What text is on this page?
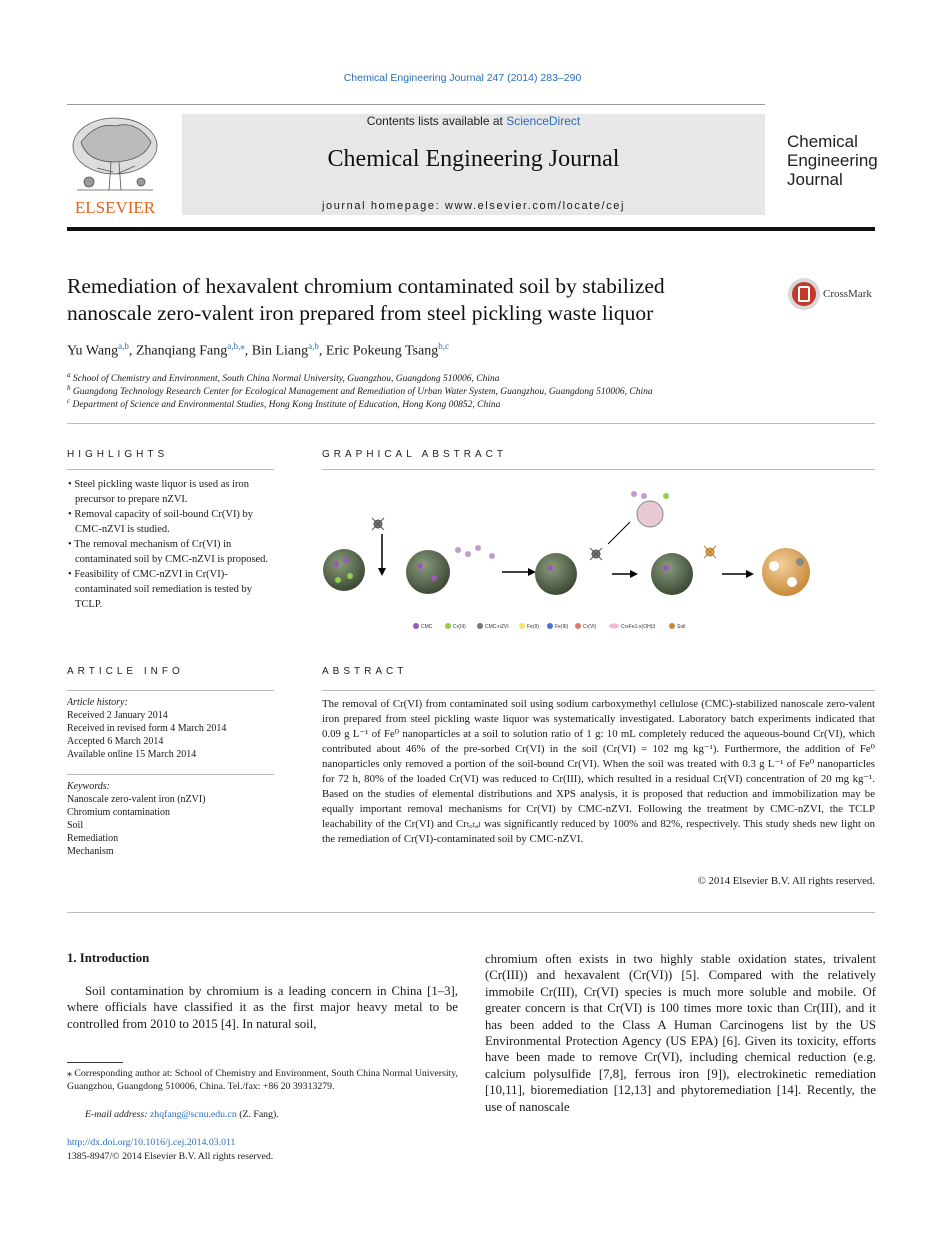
Chemical Engineering Journal 247 (2014) 283–290
ELSEVIER
Contents lists available at ScienceDirect
Chemical Engineering Journal
journal homepage: www.elsevier.com/locate/cej
Chemical
Engineering
Journal
Remediation of hexavalent chromium contaminated soil by stabilized
nanoscale zero-valent iron prepared from steel pickling waste liquor
CrossMark
Yu Wang$^{a,b}$, Zhanqiang Fang$^{a,b,⁎}$, Bin Liang$^{a,b}$, Eric Pokeung Tsang$^{b,c}$
$^a$ School of Chemistry and Environment, South China Normal University, Guangzhou, Guangdong 510006, China
$^b$ Guangdong Technology Research Center for Ecological Management and Remediation of Urban Water System, Guangzhou, Guangdong 510006, China
$^c$ Department of Science and Environmental Studies, Hong Kong Institute of Education, Hong Kong 00852, China
HIGHLIGHTS
• Steel pickling waste liquor is used as iron precursor to prepare nZVI.
• Removal capacity of soil-bound Cr(VI) by CMC-nZVI is studied.
• The removal mechanism of Cr(VI) in contaminated soil by CMC-nZVI is proposed.
• Feasibility of CMC-nZVI in Cr(VI)-contaminated soil remediation is tested by TCLP.
GRAPHICAL ABSTRACT
CMC	Cr(III)	CMC-nZVI	Fe(II)	Fe(III)	Cr(VI)	CrxFe1-x(OH)3	Soil
ARTICLE INFO
Article history:
Received 2 January 2014
Received in revised form 4 March 2014
Accepted 6 March 2014
Available online 15 March 2014
Keywords:
Nanoscale zero-valent iron (nZVI)
Chromium contamination
Soil
Remediation
Mechanism
ABSTRACT
The removal of Cr(VI) from contaminated soil using sodium carboxymethyl cellulose (CMC)-stabilized nanoscale zero-valent iron prepared from steel pickling waste liquor was systematically investigated. Laboratory batch experiments indicated that 0.09 g L⁻¹ of Fe⁰ nanoparticles at a soil to solution ratio of 1 g: 10 mL completely reduced the aqueous-bound Cr(VI), which contributed about 46% of the pre-sorbed Cr(VI) in the soil (Cr(VI) = 102 mg kg⁻¹). Furthermore, the addition of Fe⁰ nanoparticles only removed a portion of the soil-bound Cr(VI). When the soil was treated with 0.3 g L⁻¹ of Fe⁰ nanoparticles for 72 h, 80% of the loaded Cr(VI) was reduced to Cr(III), which resulted in a residual Cr(VI) concentration of 20 mg kg⁻¹. Based on the studies of elemental distributions and XPS analysis, it is proposed that reduction and immobilization may be equally important removal mechanisms for Cr(VI) by CMC-nZVI. Following the treatment by CMC-nZVI, the TCLP leachability of the Cr(VI) and Crₜₒₜₐₗ was significantly reduced by 100% and 82%, respectively. This study sheds new light on the remediation of Cr(VI)-contaminated soil by CMC-nZVI.
© 2014 Elsevier B.V. All rights reserved.
1. Introduction
Soil contamination by chromium is a leading concern in China [1–3], where officials have classified it as the first major heavy metal to be controlled from 2010 to 2015 [4]. In natural soil,
chromium often exists in two highly stable oxidation states, trivalent (Cr(III)) and hexavalent (Cr(VI)) [5]. Compared with the relatively immobile Cr(III), Cr(VI) species is much more soluble and mobile. Of greater concern is that Cr(VI) is 100 times more toxic than Cr(III), and it has been added to the Class A Human Carcinogens list by the US Environmental Protection Agency (US EPA) [6]. Given its toxicity, efforts have been made to remove Cr(VI), including chemical reduction (e.g. calcium polysulfide [7,8], ferrous iron [9]), electrokinetic remediation [10,11], bioremediation [12,13] and phytoremediation [14]. Recently, the use of nanoscale
⁎ Corresponding author at: School of Chemistry and Environment, South China Normal University, Guangzhou, Guangdong 510006, China. Tel./fax: +86 20 39313279.
E-mail address: zhqfang@scnu.edu.cn (Z. Fang).
http://dx.doi.org/10.1016/j.cej.2014.03.011
1385-8947/© 2014 Elsevier B.V. All rights reserved.
